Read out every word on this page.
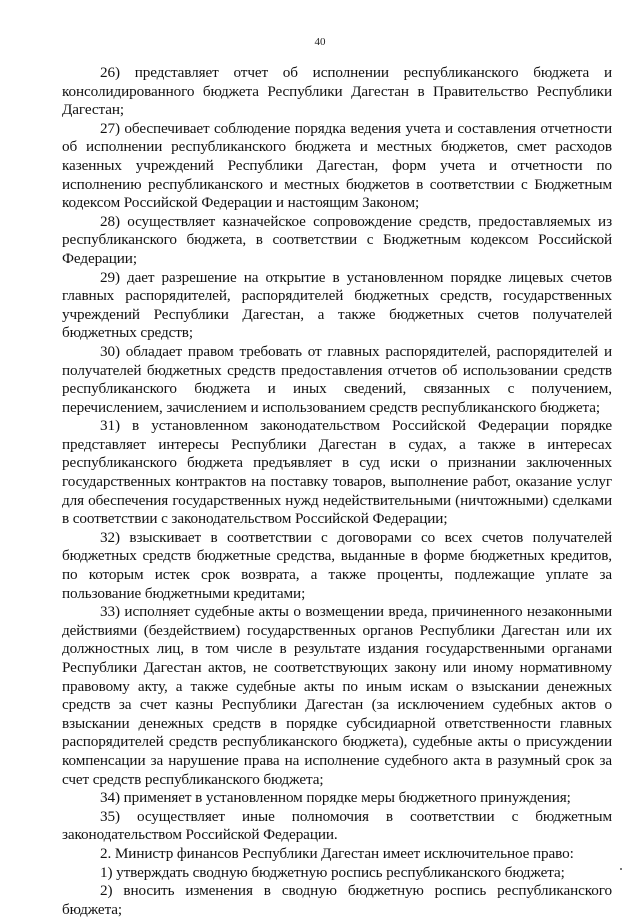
40

26) представляет отчет об исполнении республиканского бюджета и консолидированного бюджета Республики Дагестан в Правительство Республики Дагестан;

27) обеспечивает соблюдение порядка ведения учета и составления отчетности об исполнении республиканского бюджета и местных бюджетов, смет расходов казенных учреждений Республики Дагестан, форм учета и отчетности по исполнению республиканского и местных бюджетов в соответствии с Бюджетным кодексом Российской Федерации и настоящим Законом;

28) осуществляет казначейское сопровождение средств, предоставляемых из республиканского бюджета, в соответствии с Бюджетным кодексом Российской Федерации;

29) дает разрешение на открытие в установленном порядке лицевых счетов главных распорядителей, распорядителей бюджетных средств, государственных учреждений Республики Дагестан, а также бюджетных счетов получателей бюджетных средств;

30) обладает правом требовать от главных распорядителей, распорядителей и получателей бюджетных средств предоставления отчетов об использовании средств республиканского бюджета и иных сведений, связанных с получением, перечислением, зачислением и использованием средств республиканского бюджета;

31) в установленном законодательством Российской Федерации порядке представляет интересы Республики Дагестан в судах, а также в интересах республиканского бюджета предъявляет в суд иски о признании заключенных государственных контрактов на поставку товаров, выполнение работ, оказание услуг для обеспечения государственных нужд недействительными (ничтожными) сделками в соответствии с законодательством Российской Федерации;

32) взыскивает в соответствии с договорами со всех счетов получателей бюджетных средств бюджетные средства, выданные в форме бюджетных кредитов, по которым истек срок возврата, а также проценты, подлежащие уплате за пользование бюджетными кредитами;

33) исполняет судебные акты о возмещении вреда, причиненного незаконными действиями (бездействием) государственных органов Республики Дагестан или их должностных лиц, в том числе в результате издания государственными органами Республики Дагестан актов, не соответствующих закону или иному нормативному правовому акту, а также судебные акты по иным искам о взыскании денежных средств за счет казны Республики Дагестан (за исключением судебных актов о взыскании денежных средств в порядке субсидиарной ответственности главных распорядителей средств республиканского бюджета), судебные акты о присуждении компенсации за нарушение права на исполнение судебного акта в разумный срок за счет средств республиканского бюджета;

34) применяет в установленном порядке меры бюджетного принуждения;

35) осуществляет иные полномочия в соответствии с бюджетным законодательством Российской Федерации.

2. Министр финансов Республики Дагестан имеет исключительное право:

1) утверждать сводную бюджетную роспись республиканского бюджета;

2) вносить изменения в сводную бюджетную роспись республиканского бюджета;
